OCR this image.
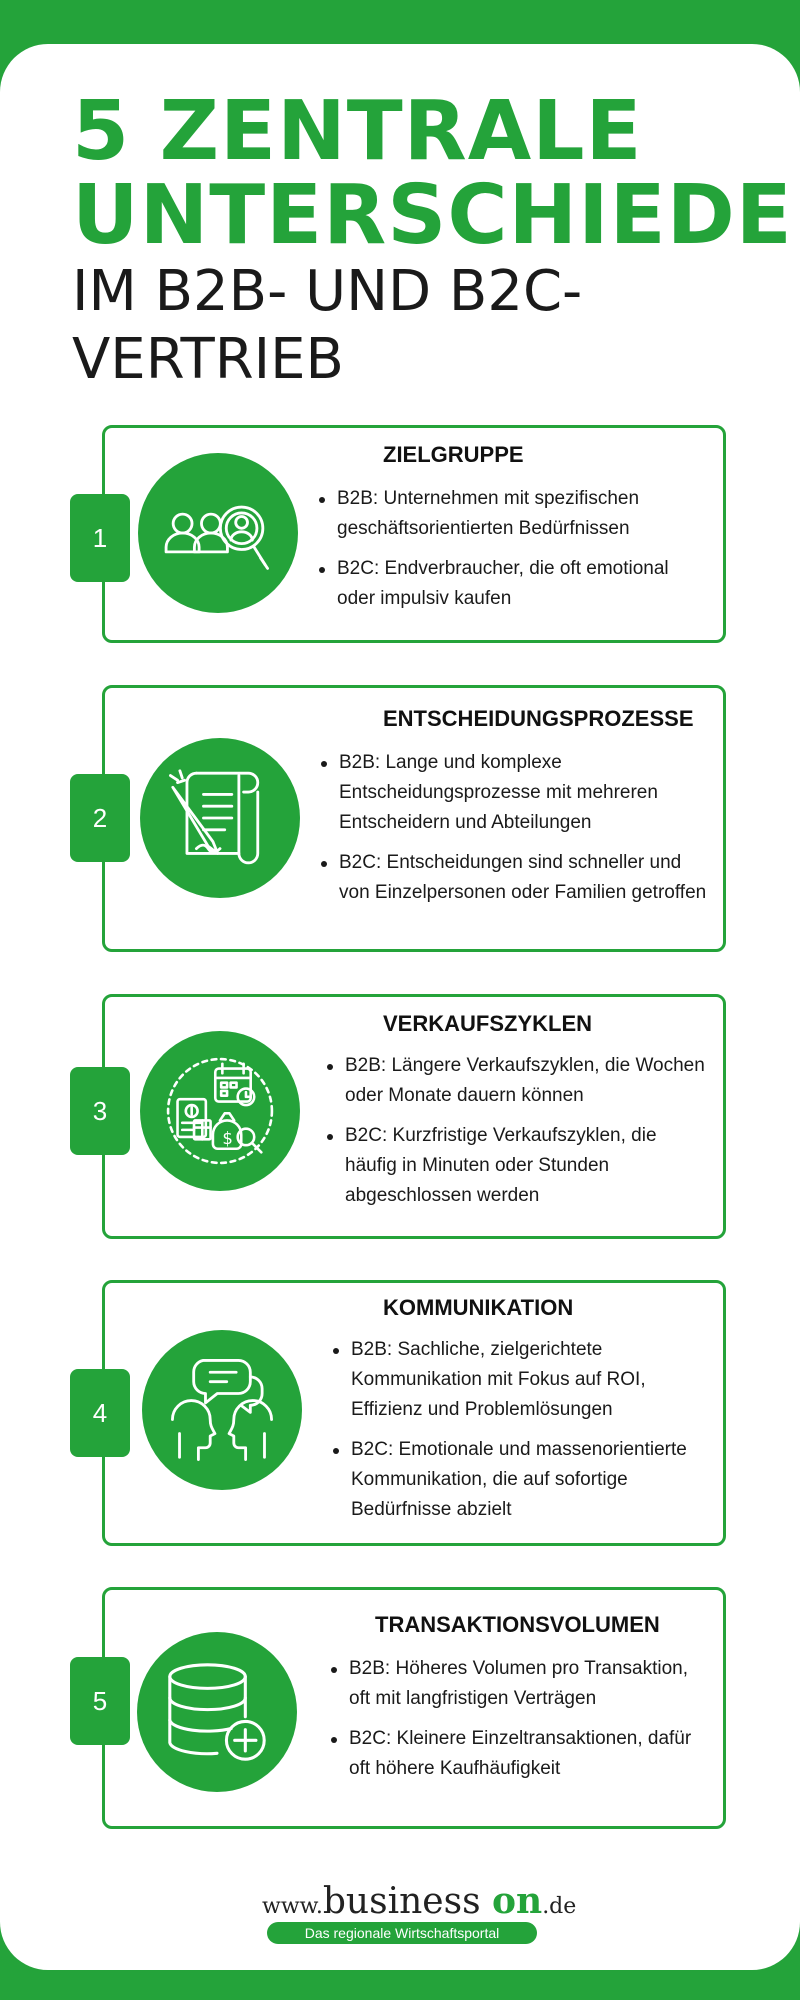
5 ZENTRALE
UNTERSCHIEDE
IM B2B- UND B2C-
VERTRIEB
ZIELGRUPPE
B2B: Unternehmen mit spezifischen geschäftsorientierten Bedürfnissen
B2C: Endverbraucher, die oft emotional oder impulsiv kaufen
1
ENTSCHEIDUNGSPROZESSE
B2B: Lange und komplexe Entscheidungsprozesse mit mehreren Entscheidern und Abteilungen
B2C: Entscheidungen sind schneller und von Einzelpersonen oder Familien getroffen
2
VERKAUFSZYKLEN
B2B: Längere Verkaufszyklen, die Wochen oder Monate dauern können
B2C: Kurzfristige Verkaufszyklen, die häufig in Minuten oder Stunden abgeschlossen werden
$
3
KOMMUNIKATION
B2B: Sachliche, zielgerichtete Kommunikation mit Fokus auf ROI, Effizienz und Problemlösungen
B2C: Emotionale und massenorientierte Kommunikation, die auf sofortige Bedürfnisse abzielt
4
TRANSAKTIONSVOLUMEN
B2B: Höheres Volumen pro Transaktion, oft mit langfristigen Verträgen
B2C: Kleinere Einzeltransaktionen, dafür oft höhere Kaufhäufigkeit
5
www.business on.de
Das regionale Wirtschaftsportal
